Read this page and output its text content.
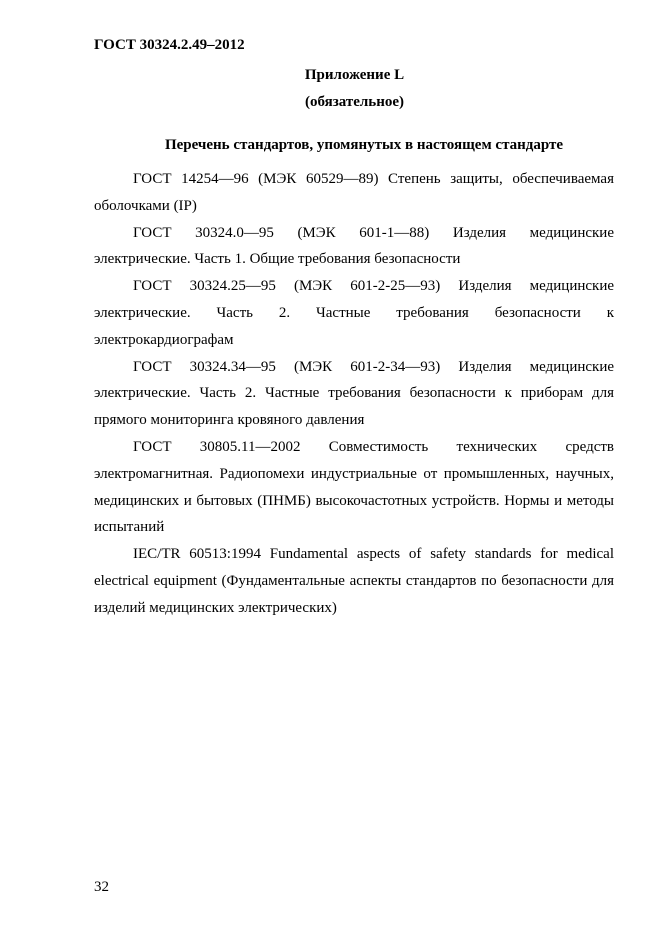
ГОСТ 30324.2.49–2012
Приложение L
(обязательное)
Перечень стандартов, упомянутых в настоящем стандарте

ГОСТ 14254—96 (МЭК 60529—89) Степень защиты, обеспечиваемая оболочками (IP)

ГОСТ 30324.0—95 (МЭК 601-1—88) Изделия медицинские электрические. Часть 1. Общие требования безопасности

ГОСТ 30324.25—95 (МЭК 601-2-25—93) Изделия медицинские электрические. Часть 2. Частные требования безопасности к электрокардиографам

ГОСТ 30324.34—95 (МЭК 601-2-34—93) Изделия медицинские электрические. Часть 2. Частные требования безопасности к приборам для прямого мониторинга кровяного давления

ГОСТ 30805.11—2002 Совместимость технических средств электромагнитная. Радиопомехи индустриальные от промышленных, научных, медицинских и бытовых (ПНМБ) высокочастотных устройств. Нормы и методы испытаний

IEC/TR 60513:1994 Fundamental aspects of safety standards for medical electrical equipment (Фундаментальные аспекты стандартов по безопасности для изделий медицинских электрических)

32
